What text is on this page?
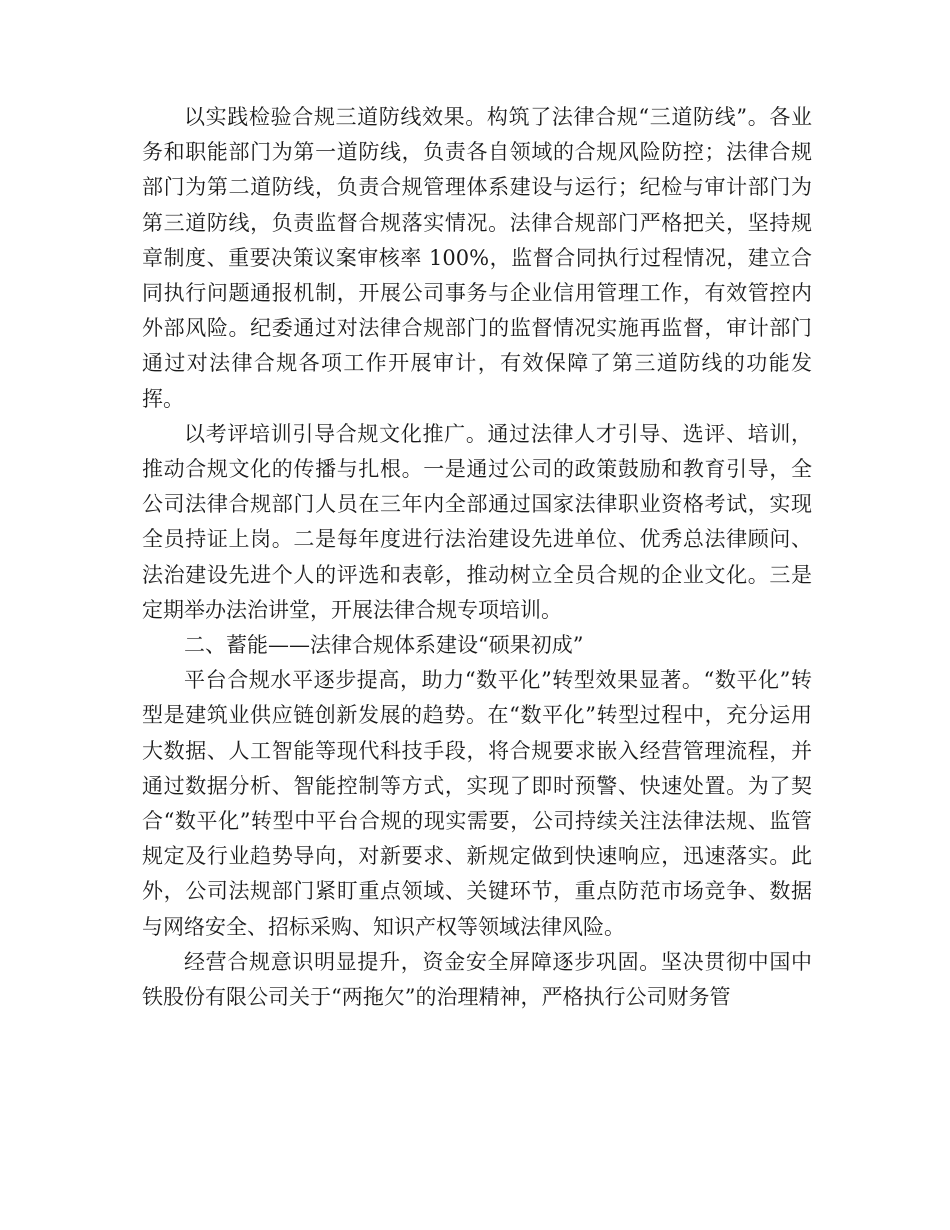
以实践检验合规三道防线效果。构筑了法律合规“三道防线”。各业务和职能部门为第一道防线，负责各自领域的合规风险防控；法律合规部门为第二道防线，负责合规管理体系建设与运行；纪检与审计部门为第三道防线，负责监督合规落实情况。法律合规部门严格把关，坚持规章制度、重要决策议案审核率 100%，监督合同执行过程情况，建立合同执行问题通报机制，开展公司事务与企业信用管理工作，有效管控内外部风险。纪委通过对法律合规部门的监督情况实施再监督，审计部门通过对法律合规各项工作开展审计，有效保障了第三道防线的功能发挥。

以考评培训引导合规文化推广。通过法律人才引导、选评、培训，推动合规文化的传播与扎根。一是通过公司的政策鼓励和教育引导，全公司法律合规部门人员在三年内全部通过国家法律职业资格考试，实现全员持证上岗。二是每年度进行法治建设先进单位、优秀总法律顾问、法治建设先进个人的评选和表彰，推动树立全员合规的企业文化。三是定期举办法治讲堂，开展法律合规专项培训。

二、蓄能——法律合规体系建设“硕果初成”

平台合规水平逐步提高，助力“数平化”转型效果显著。“数平化”转型是建筑业供应链创新发展的趋势。在“数平化”转型过程中，充分运用大数据、人工智能等现代科技手段，将合规要求嵌入经营管理流程，并通过数据分析、智能控制等方式，实现了即时预警、快速处置。为了契合“数平化”转型中平台合规的现实需要，公司持续关注法律法规、监管规定及行业趋势导向，对新要求、新规定做到快速响应，迅速落实。此外，公司法规部门紧盯重点领域、关键环节，重点防范市场竞争、数据与网络安全、招标采购、知识产权等领域法律风险。

经营合规意识明显提升，资金安全屏障逐步巩固。坚决贯彻中国中铁股份有限公司关于“两拖欠”的治理精神，严格执行公司财务管
